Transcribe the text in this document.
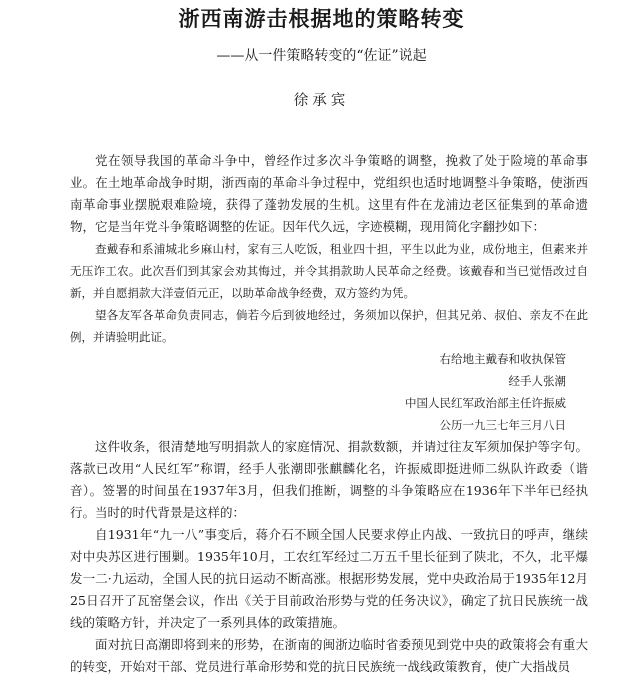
浙西南游击根据地的策略转变
——从一件策略转变的“佐证”说起
徐承宾

党在领导我国的革命斗争中，曾经作过多次斗争策略的调整，挽救了处于险境的革命事业。在土地革命战争时期，浙西南的革命斗争过程中，党组织也适时地调整斗争策略，使浙西南革命事业摆脱艰难险境，获得了蓬勃发展的生机。这里有件在龙浦边老区征集到的革命遗物，它是当年党斗争策略调整的佐证。因年代久远，字迹模糊，现用简化字翻抄如下：

查戴春和系浦城北乡麻山村，家有三人吃饭，租业四十担，平生以此为业，成份地主，但素来并无压诈工农。此次吾们到其家会劝其悔过，并令其捐款助人民革命之经费。该戴春和当已觉悟改过自新，并自愿捐款大洋壹佰元正，以助革命战争经费，双方签约为凭。

望各友军各革命负责同志，倘若今后到彼地经过，务须加以保护，但其兄弟、叔伯、亲友不在此例，并请验明此证。

右给地主戴春和收执保管
经手人张潮
中国人民红军政治部主任许振威
公历一九三七年三月八日

这件收条，很清楚地写明捐款人的家庭情况、捐款数额，并请过往友军须加保护等字句。落款已改用“人民红军”称谓，经手人张潮即张麒麟化名，许振威即挺进师二纵队许政委（谐音）。签署的时间虽在1937年3月，但我们推断，调整的斗争策略应在1936年下半年已经执行。当时的时代背景是这样的：

自1931年“九一八”事变后，蒋介石不顾全国人民要求停止内战、一致抗日的呼声，继续对中央苏区进行围剿。1935年10月，工农红军经过二万五千里长征到了陕北，不久，北平爆发一二·九运动，全国人民的抗日运动不断高涨。根据形势发展，党中央政治局于1935年12月25日召开了瓦窑堡会议，作出《关于目前政治形势与党的任务决议》，确定了抗日民族统一战线的策略方针，并决定了一系列具体的政策措施。

面对抗日高潮即将到来的形势，在浙南的闽浙边临时省委预见到党中央的政策将会有重大的转变，开始对干部、党员进行革命形势和党的抗日民族统一战线政策教育，使广大指战员
